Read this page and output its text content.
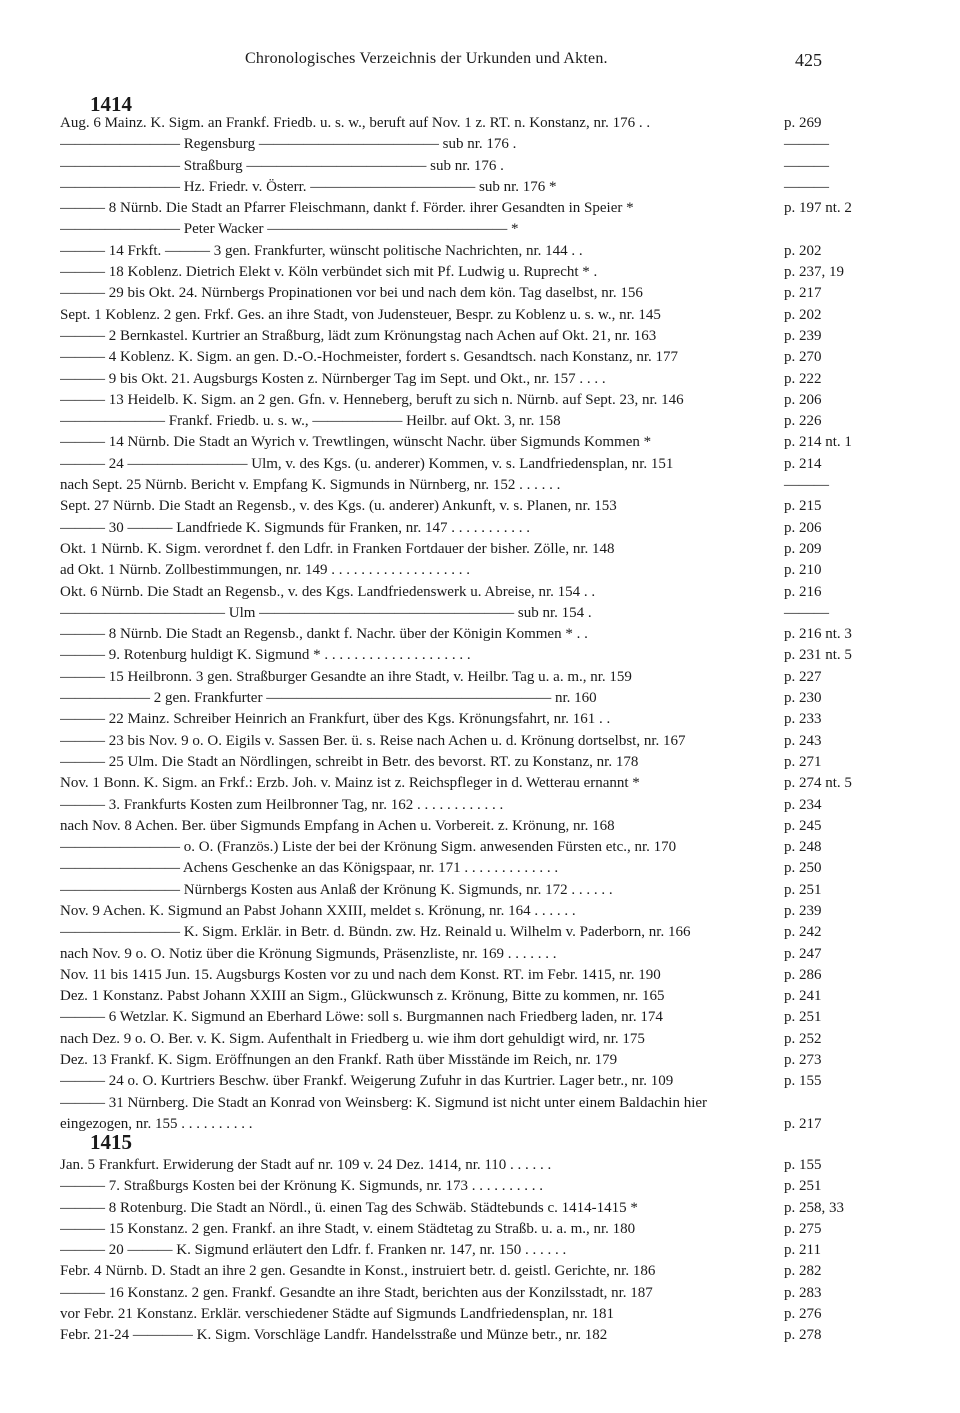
Chronologisches Verzeichnis der Urkunden und Akten.	425
1414
Aug. 6 Mainz. K. Sigm. an Frankf. Friedb. u. s. w., beruft auf Nov. 1 z. RT. n. Konstanz, nr. 176 . .	p. 269
———————— Regensburg ———————————— sub nr. 176 .	———
———————— Straßburg ———————————— sub nr. 176 .	———
———————— Hz. Friedr. v. Österr. ——————————— sub nr. 176 *	———
——— 8 Nürnb. Die Stadt an Pfarrer Fleischmann, dankt f. Förder. ihrer Gesandten in Speier *	p. 197 nt. 2
———————— Peter Wacker ———————————————— *
——— 14 Frkft. ——— 3 gen. Frankfurter, wünscht politische Nachrichten, nr. 144 . .	p. 202
——— 18 Koblenz. Dietrich Elekt v. Köln verbündet sich mit Pf. Ludwig u. Ruprecht * .	p. 237, 19
——— 29 bis Okt. 24. Nürnbergs Propinationen vor bei und nach dem kön. Tag daselbst, nr. 156	p. 217
Sept. 1 Koblenz. 2 gen. Frkf. Ges. an ihre Stadt, von Judensteuer, Bespr. zu Koblenz u. s. w., nr. 145	p. 202
——— 2 Bernkastel. Kurtrier an Straßburg, lädt zum Krönungstag nach Achen auf Okt. 21, nr. 163	p. 239
——— 4 Koblenz. K. Sigm. an gen. D.-O.-Hochmeister, fordert s. Gesandtsch. nach Konstanz, nr. 177	p. 270
——— 9 bis Okt. 21. Augsburgs Kosten z. Nürnberger Tag im Sept. und Okt., nr. 157 . . . .	p. 222
——— 13 Heidelb. K. Sigm. an 2 gen. Gfn. v. Henneberg, beruft zu sich n. Nürnb. auf Sept. 23, nr. 146	p. 206
——————— Frankf. Friedb. u. s. w., —————— Heilbr. auf Okt. 3, nr. 158	p. 226
——— 14 Nürnb. Die Stadt an Wyrich v. Trewtlingen, wünscht Nachr. über Sigmunds Kommen *	p. 214 nt. 1
——— 24 ———————— Ulm, v. des Kgs. (u. anderer) Kommen, v. s. Landfriedensplan, nr. 151	p. 214
nach Sept. 25 Nürnb. Bericht v. Empfang K. Sigmunds in Nürnberg, nr. 152 . . . . . .	———
Sept. 27 Nürnb. Die Stadt an Regensb., v. des Kgs. (u. anderer) Ankunft, v. s. Planen, nr. 153	p. 215
——— 30 ——— Landfriede K. Sigmunds für Franken, nr. 147 . . . . . . . . . . .	p. 206
Okt. 1 Nürnb. K. Sigm. verordnet f. den Ldfr. in Franken Fortdauer der bisher. Zölle, nr. 148	p. 209
ad Okt. 1 Nürnb. Zollbestimmungen, nr. 149 . . . . . . . . . . . . . . . . . . .	p. 210
Okt. 6 Nürnb. Die Stadt an Regensb., v. des Kgs. Landfriedenswerk u. Abreise, nr. 154 . .	p. 216
——————————— Ulm ————————————————— sub nr. 154 .	———
——— 8 Nürnb. Die Stadt an Regensb., dankt f. Nachr. über der Königin Kommen * . .	p. 216 nt. 3
——— 9. Rotenburg huldigt K. Sigmund * . . . . . . . . . . . . . . . . . . . .	p. 231 nt. 5
——— 15 Heilbronn. 3 gen. Straßburger Gesandte an ihre Stadt, v. Heilbr. Tag u. a. m., nr. 159	p. 227
—————— 2 gen. Frankfurter ——————————————————— nr. 160	p. 230
——— 22 Mainz. Schreiber Heinrich an Frankfurt, über des Kgs. Krönungsfahrt, nr. 161 . .	p. 233
——— 23 bis Nov. 9 o. O. Eigils v. Sassen Ber. ü. s. Reise nach Achen u. d. Krönung dortselbst, nr. 167	p. 243
——— 25 Ulm. Die Stadt an Nördlingen, schreibt in Betr. des bevorst. RT. zu Konstanz, nr. 178	p. 271
Nov. 1 Bonn. K. Sigm. an Frkf.: Erzb. Joh. v. Mainz ist z. Reichspfleger in d. Wetterau ernannt *	p. 274 nt. 5
——— 3. Frankfurts Kosten zum Heilbronner Tag, nr. 162 . . . . . . . . . . . .	p. 234
nach Nov. 8 Achen. Ber. über Sigmunds Empfang in Achen u. Vorbereit. z. Krönung, nr. 168	p. 245
———————— o. O. (Französ.) Liste der bei der Krönung Sigm. anwesenden Fürsten etc., nr. 170	p. 248
———————— Achens Geschenke an das Königspaar, nr. 171 . . . . . . . . . . . . .	p. 250
———————— Nürnbergs Kosten aus Anlaß der Krönung K. Sigmunds, nr. 172 . . . . . .	p. 251
Nov. 9 Achen. K. Sigmund an Pabst Johann XXIII, meldet s. Krönung, nr. 164 . . . . . .	p. 239
———————— K. Sigm. Erklär. in Betr. d. Bündn. zw. Hz. Reinald u. Wilhelm v. Paderborn, nr. 166	p. 242
nach Nov. 9 o. O. Notiz über die Krönung Sigmunds, Präsenzliste, nr. 169 . . . . . . .	p. 247
Nov. 11 bis 1415 Jun. 15. Augsburgs Kosten vor zu und nach dem Konst. RT. im Febr. 1415, nr. 190	p. 286
Dez. 1 Konstanz. Pabst Johann XXIII an Sigm., Glückwunsch z. Krönung, Bitte zu kommen, nr. 165	p. 241
——— 6 Wetzlar. K. Sigmund an Eberhard Löwe: soll s. Burgmannen nach Friedberg laden, nr. 174	p. 251
nach Dez. 9 o. O. Ber. v. K. Sigm. Aufenthalt in Friedberg u. wie ihm dort gehuldigt wird, nr. 175	p. 252
Dez. 13 Frankf. K. Sigm. Eröffnungen an den Frankf. Rath über Misstände im Reich, nr. 179	p. 273
——— 24 o. O. Kurtriers Beschw. über Frankf. Weigerung Zufuhr in das Kurtrier. Lager betr., nr. 109	p. 155
——— 31 Nürnberg. Die Stadt an Konrad von Weinsberg: K. Sigmund ist nicht unter einem Baldachin hier eingezogen, nr. 155 . . . . . . . . . .	p. 217
1415
Jan. 5 Frankfurt. Erwiderung der Stadt auf nr. 109 v. 24 Dez. 1414, nr. 110 . . . . . .	p. 155
——— 7. Straßburgs Kosten bei der Krönung K. Sigmunds, nr. 173 . . . . . . . . . .	p. 251
——— 8 Rotenburg. Die Stadt an Nördl., ü. einen Tag des Schwäb. Städtebunds c. 1414-1415 *	p. 258, 33
——— 15 Konstanz. 2 gen. Frankf. an ihre Stadt, v. einem Städtetag zu Straßb. u. a. m., nr. 180	p. 275
——— 20 ——— K. Sigmund erläutert den Ldfr. f. Franken nr. 147, nr. 150 . . . . . .	p. 211
Febr. 4 Nürnb. D. Stadt an ihre 2 gen. Gesandte in Konst., instruiert betr. d. geistl. Gerichte, nr. 186	p. 282
——— 16 Konstanz. 2 gen. Frankf. Gesandte an ihre Stadt, berichten aus der Konzilsstadt, nr. 187	p. 283
vor Febr. 21 Konstanz. Erklär. verschiedener Städte auf Sigmunds Landfriedensplan, nr. 181	p. 276
Febr. 21-24 ———— K. Sigm. Vorschläge Landfr. Handelsstraße und Münze betr., nr. 182	p. 278
